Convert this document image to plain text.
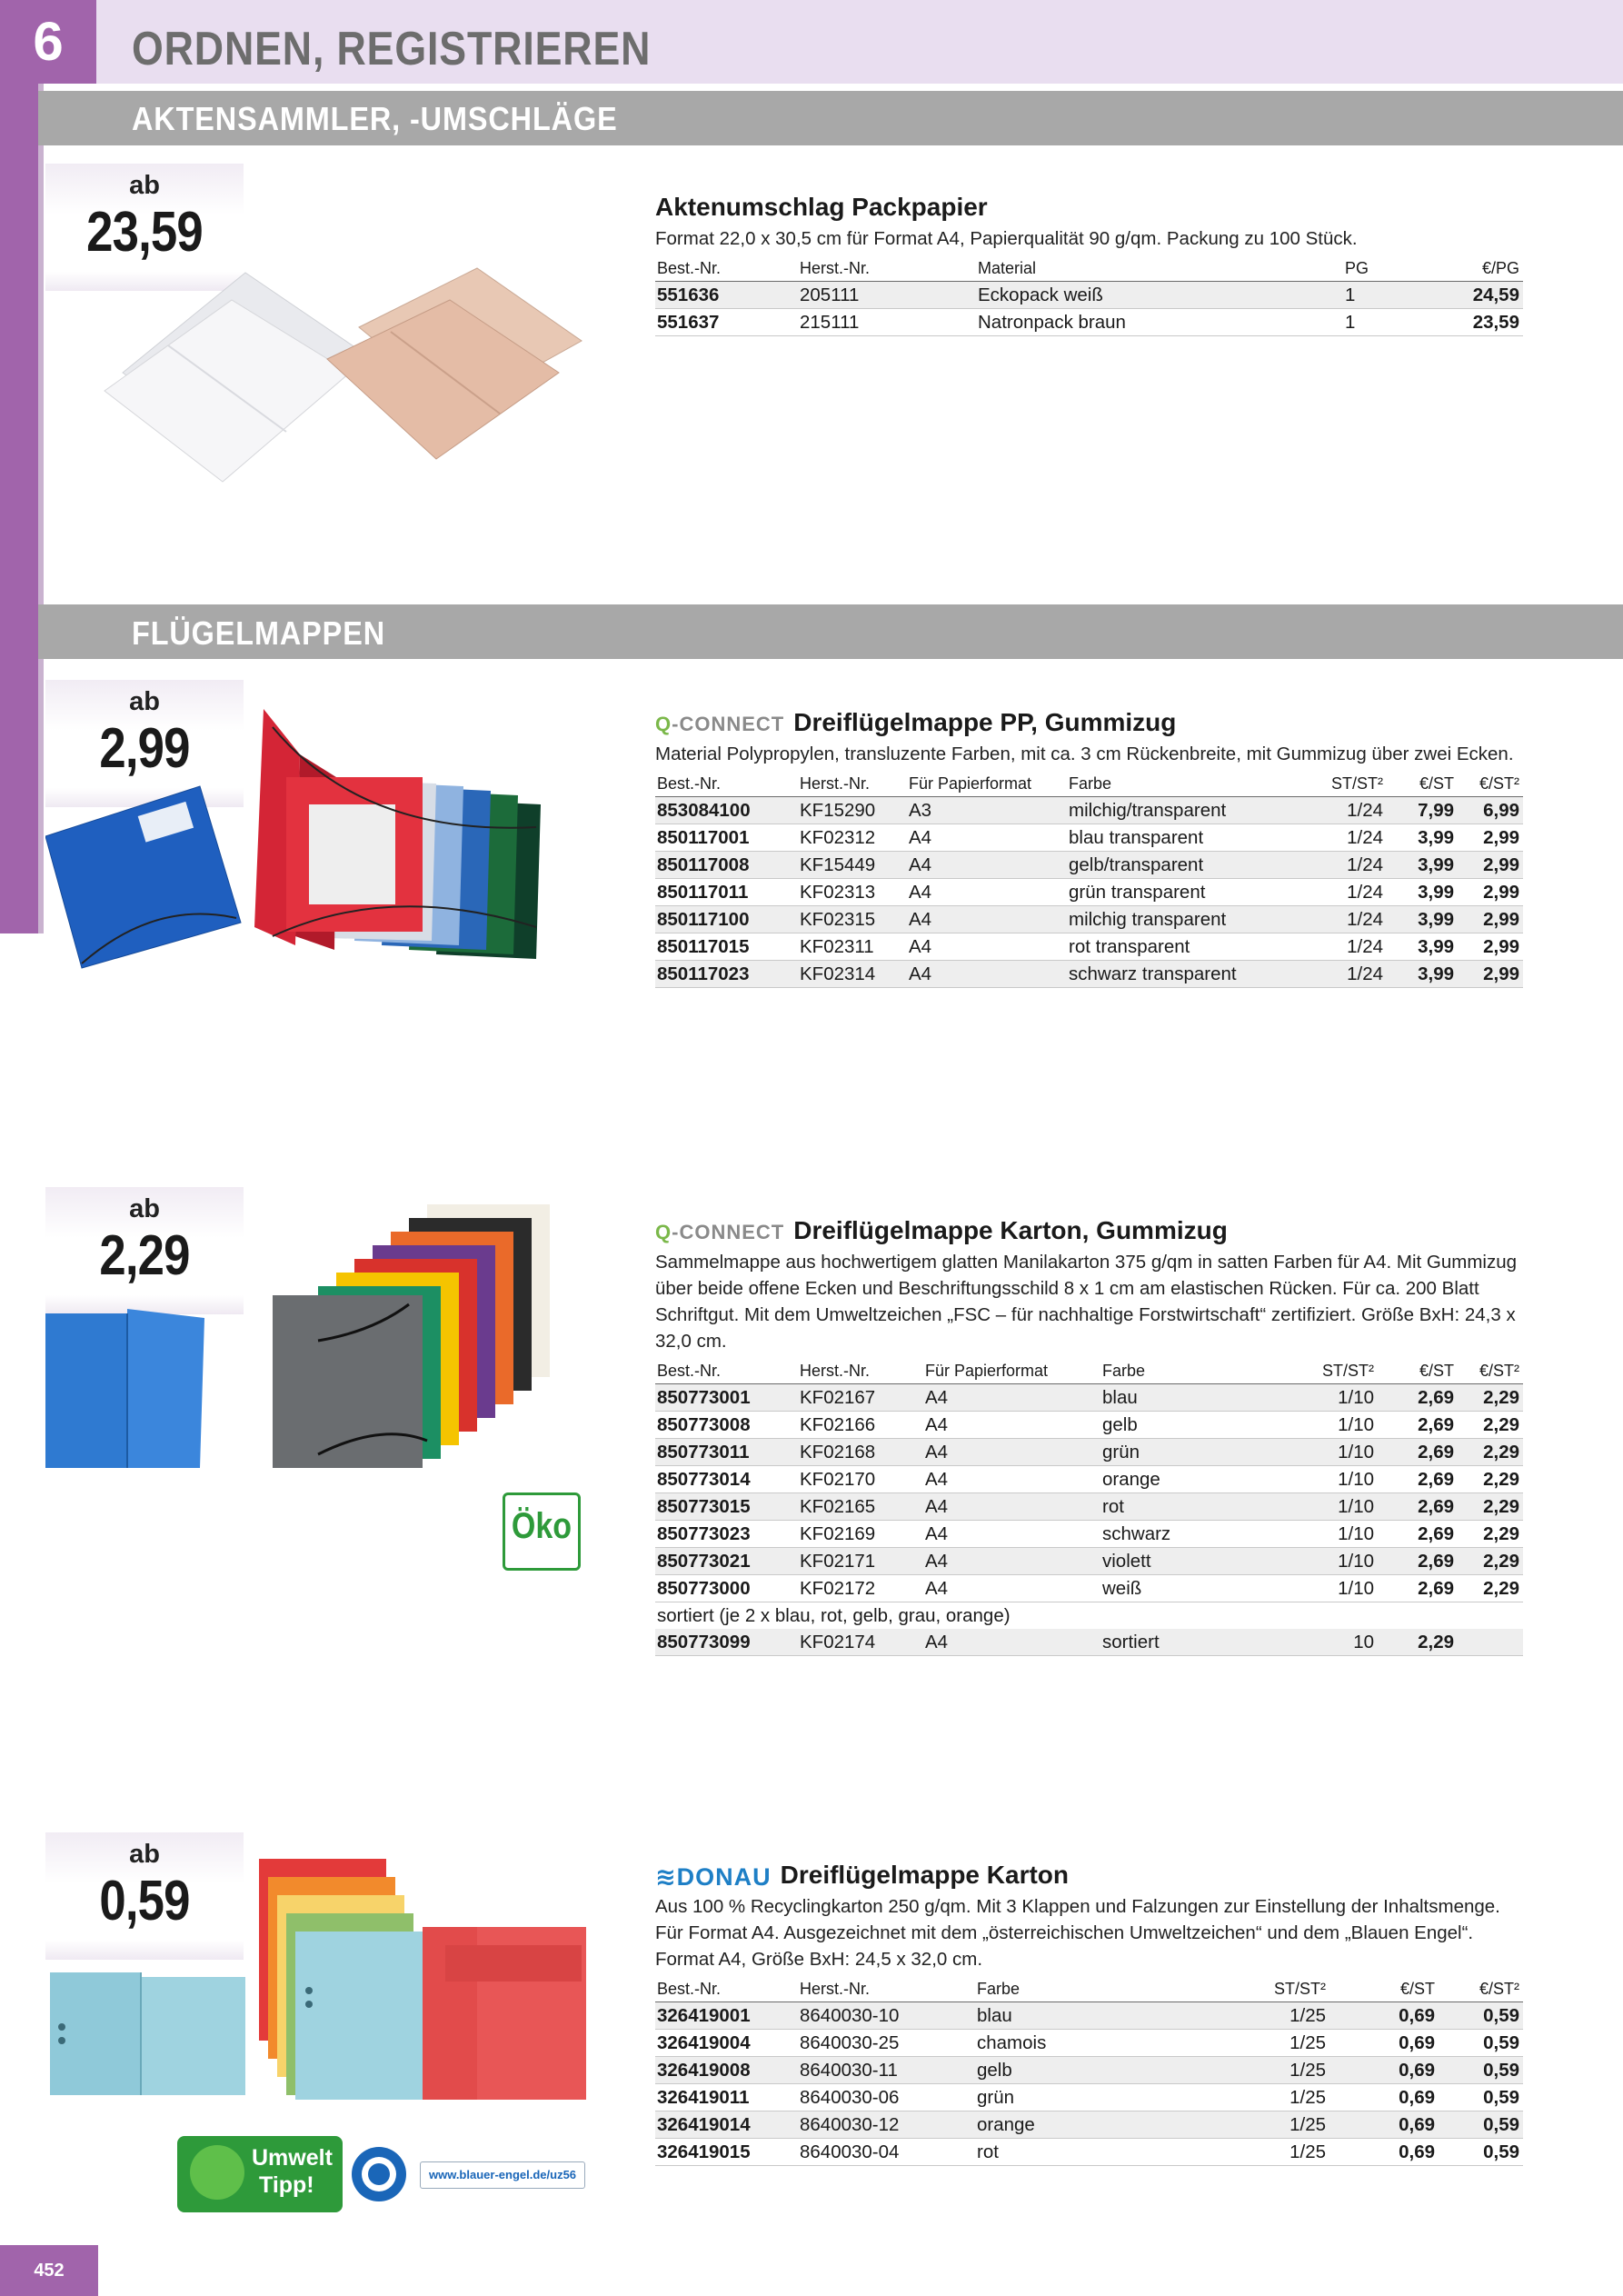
6	ORDNEN, REGISTRIEREN
AKTENSAMMLER, -UMSCHLÄGE
FLÜGELMAPPEN
ab
23,59	Aktenumschlag Packpapier
Format 22,0 x 30,5 cm für Format A4, Papierqualität 90 g/qm. Packung zu 100 Stück.
Best.-Nr.	Herst.-Nr.	Material	PG	€/PG
551636	205111	Eckopack weiß	1	24,59
551637	215111	Natronpack braun	1	23,59
ab
2,99	Q-CONNECT Dreiflügelmappe PP, Gummizug
Material Polypropylen, transluzente Farben, mit ca. 3 cm Rückenbreite, mit Gummizug über zwei Ecken.
Best.-Nr.	Herst.-Nr.	Für Papierformat	Farbe	ST/ST²	€/ST	€/ST²
853084100	KF15290	A3	milchig/transparent	1/24	7,99	6,99
850117001	KF02312	A4	blau transparent	1/24	3,99	2,99
850117008	KF15449	A4	gelb/transparent	1/24	3,99	2,99
850117011	KF02313	A4	grün transparent	1/24	3,99	2,99
850117100	KF02315	A4	milchig transparent	1/24	3,99	2,99
850117015	KF02311	A4	rot transparent	1/24	3,99	2,99
850117023	KF02314	A4	schwarz transparent	1/24	3,99	2,99
ab
2,29
Öko
Q-CONNECT Dreiflügelmappe Karton, Gummizug
Sammelmappe aus hochwertigem glatten Manilakarton 375 g/qm in satten Farben für A4. Mit Gummizug über beide offene Ecken und Beschriftungsschild 8 x 1 cm am elastischen Rücken. Für ca. 200 Blatt Schriftgut. Mit dem Umweltzeichen „FSC – für nachhaltige Forstwirtschaft“ zertifiziert. Größe BxH: 24,3 x 32,0 cm.
Best.-Nr.	Herst.-Nr.	Für Papierformat	Farbe	ST/ST²	€/ST	€/ST²
850773001	KF02167	A4	blau	1/10	2,69	2,29
850773008	KF02166	A4	gelb	1/10	2,69	2,29
850773011	KF02168	A4	grün	1/10	2,69	2,29
850773014	KF02170	A4	orange	1/10	2,69	2,29
850773015	KF02165	A4	rot	1/10	2,69	2,29
850773023	KF02169	A4	schwarz	1/10	2,69	2,29
850773021	KF02171	A4	violett	1/10	2,69	2,29
850773000	KF02172	A4	weiß	1/10	2,69	2,29
sortiert (je 2 x blau, rot, gelb, grau, orange)						
850773099	KF02174	A4	sortiert	10	2,29	
ab
0,59
Umwelt
Tipp!	www.blauer-engel.de/uz56
≋DONAU Dreiflügelmappe Karton
Aus 100 % Recyclingkarton 250 g/qm. Mit 3 Klappen und Falzungen zur Einstellung der Inhaltsmenge. Für Format A4. Ausgezeichnet mit dem „österreichischen Umweltzeichen“ und dem „Blauen Engel“. Format A4, Größe BxH: 24,5 x 32,0 cm.
Best.-Nr.	Herst.-Nr.	Farbe	ST/ST²	€/ST	€/ST²
326419001	8640030-10	blau	1/25	0,69	0,59
326419004	8640030-25	chamois	1/25	0,69	0,59
326419008	8640030-11	gelb	1/25	0,69	0,59
326419011	8640030-06	grün	1/25	0,69	0,59
326419014	8640030-12	orange	1/25	0,69	0,59
326419015	8640030-04	rot	1/25	0,69	0,59
452
